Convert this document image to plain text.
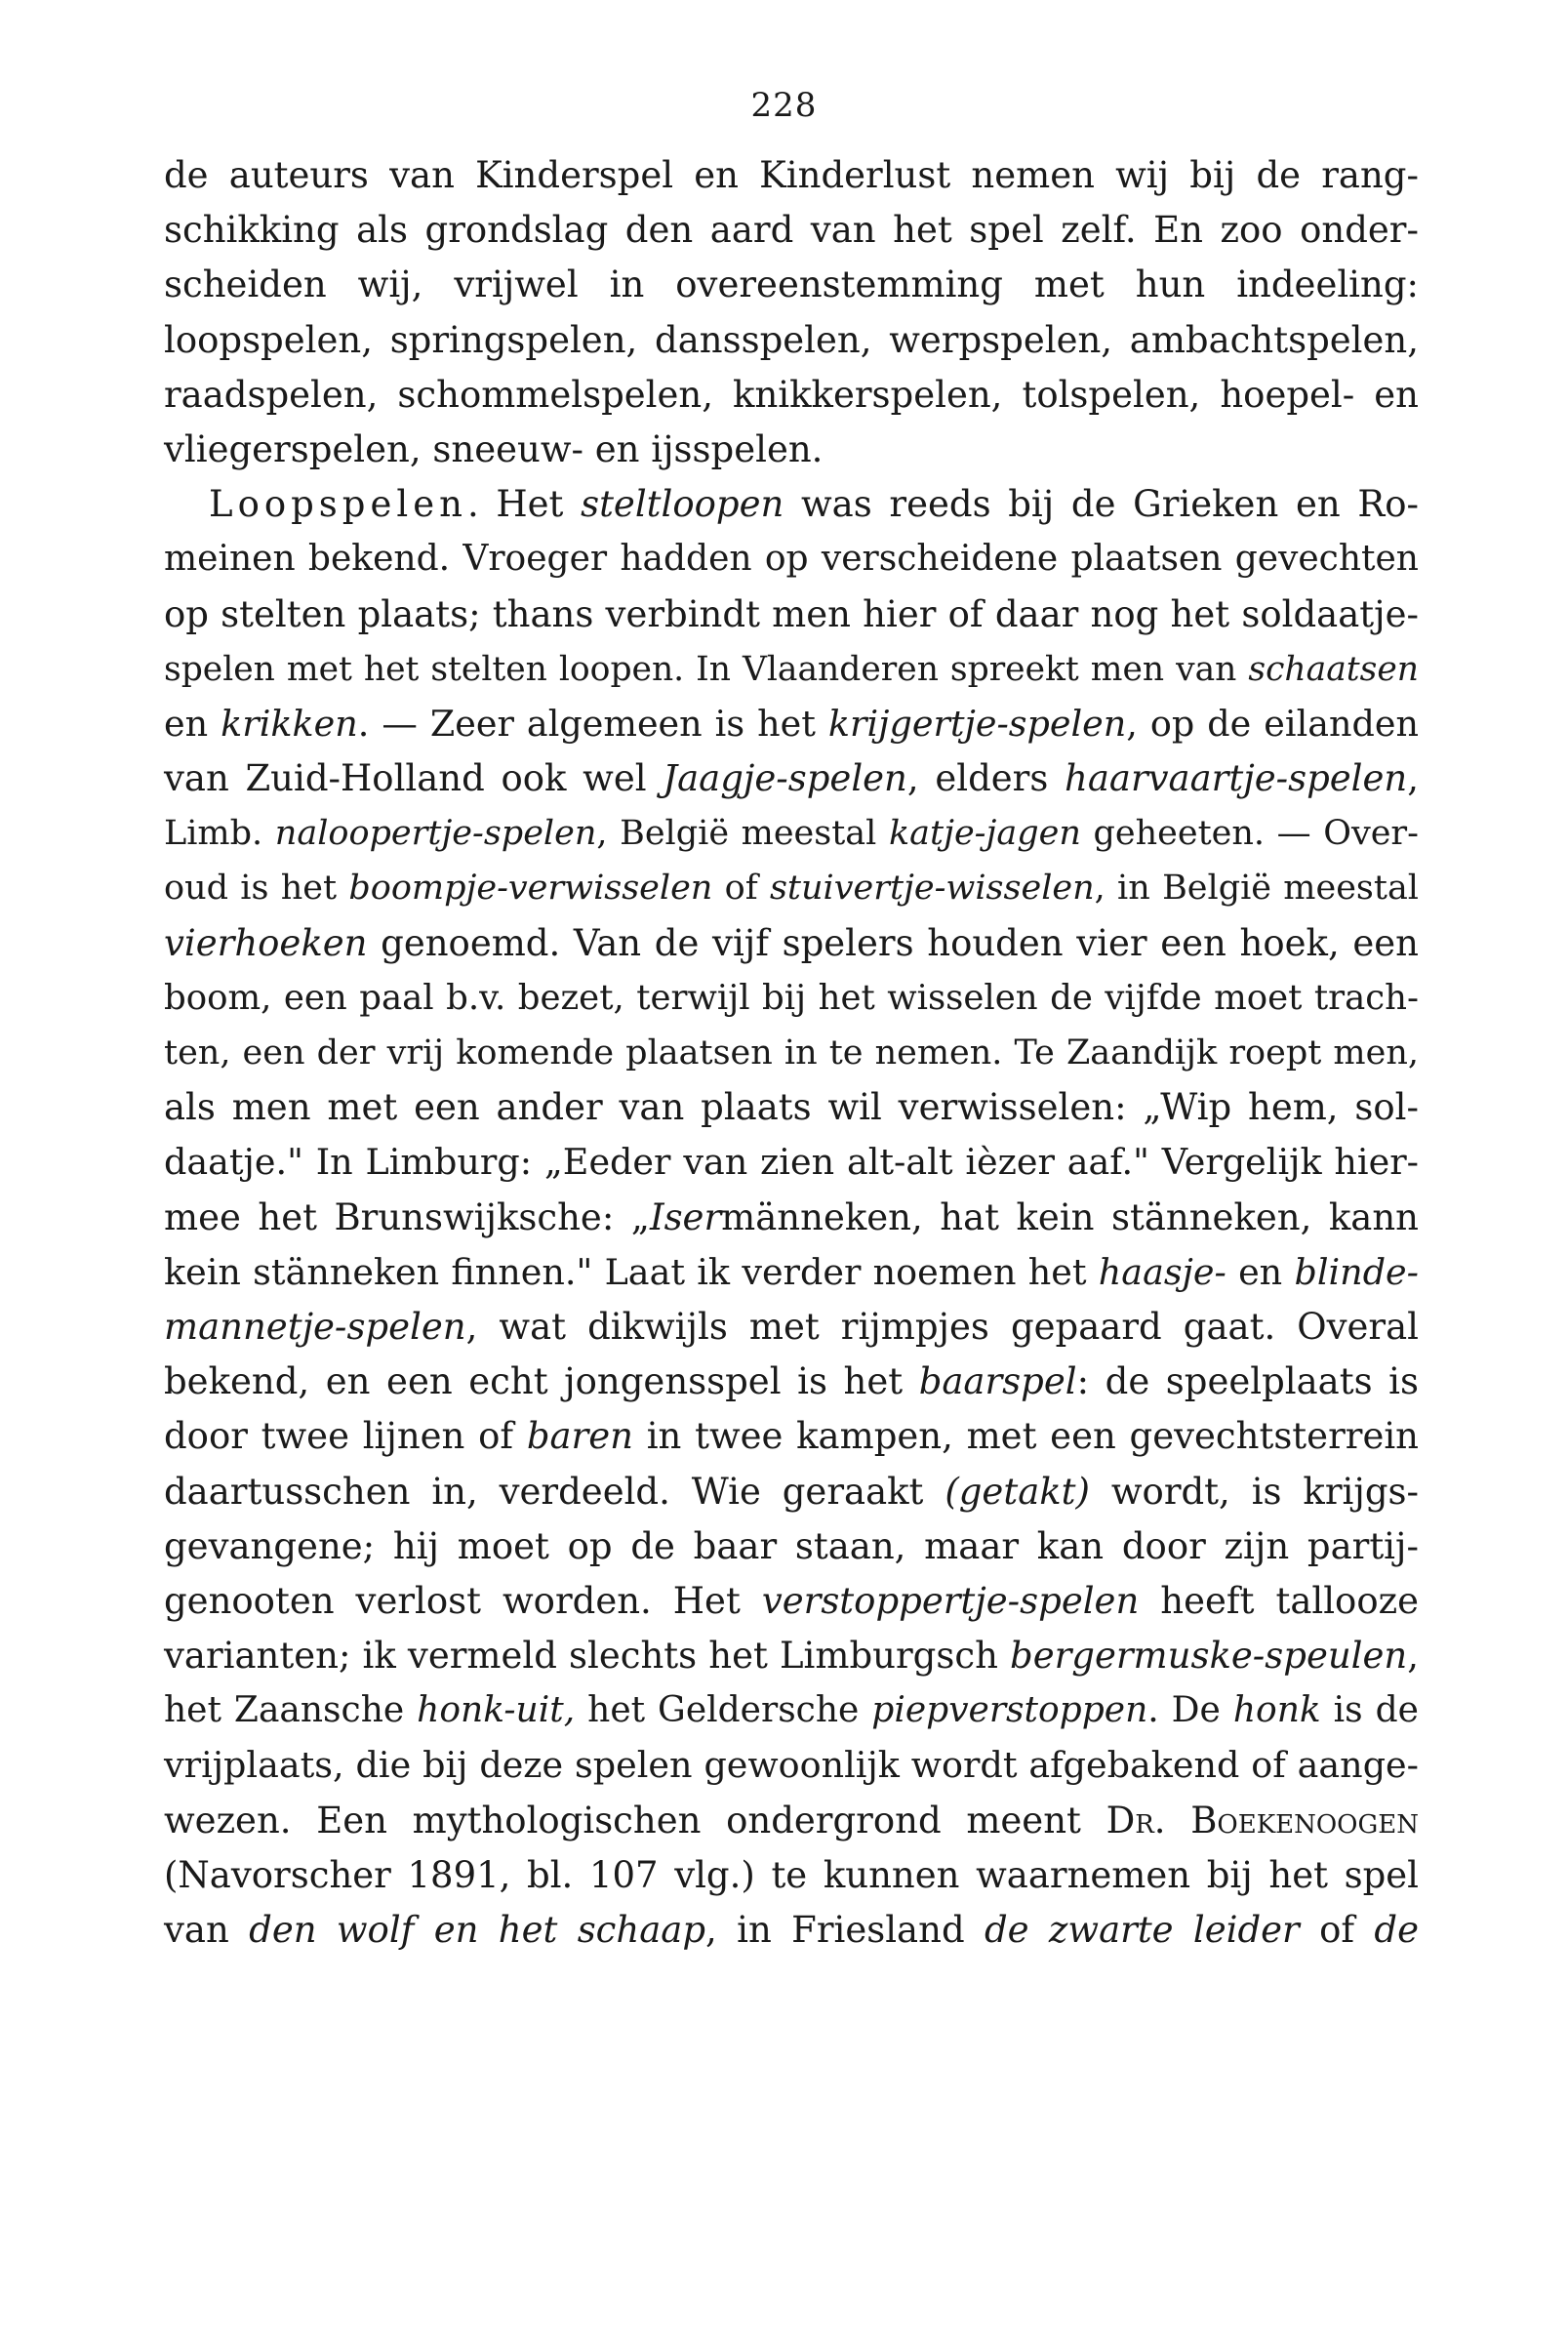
228
de auteurs van Kinderspel en Kinderlust nemen wij bij de rang-
schikking als grondslag den aard van het spel zelf. En zoo onder-
scheiden wij, vrijwel in overeenstemming met hun indeeling:
loopspelen, springspelen, dansspelen, werpspelen, ambachtspelen,
raadspelen, schommelspelen, knikkerspelen, tolspelen, hoepel- en
vliegerspelen, sneeuw- en ijsspelen.
Loopspelen. Het steltloopen was reeds bij de Grieken en Ro-
meinen bekend. Vroeger hadden op verscheidene plaatsen gevechten
op stelten plaats; thans verbindt men hier of daar nog het soldaatje-
spelen met het stelten loopen. In Vlaanderen spreekt men van schaatsen
en krikken. — Zeer algemeen is het krijgertje-spelen, op de eilanden
van Zuid-Holland ook wel Jaagje-spelen, elders haarvaartje-spelen,
Limb. naloopertje-spelen, België meestal katje-jagen geheeten. — Over-
oud is het boompje-verwisselen of stuivertje-wisselen, in België meestal
vierhoeken genoemd. Van de vijf spelers houden vier een hoek, een
boom, een paal b.v. bezet, terwijl bij het wisselen de vijfde moet trach-
ten, een der vrij komende plaatsen in te nemen. Te Zaandijk roept men,
als men met een ander van plaats wil verwisselen: „Wip hem, sol-
daatje." In Limburg: „Eeder van zien alt-alt ièzer aaf." Vergelijk hier-
mee het Brunswijksche: „Isermänneken, hat kein stänneken, kann
kein stänneken finnen." Laat ik verder noemen het haasje- en blinde-
mannetje-spelen, wat dikwijls met rijmpjes gepaard gaat. Overal
bekend, en een echt jongensspel is het baarspel: de speelplaats is
door twee lijnen of baren in twee kampen, met een gevechtsterrein
daartusschen in, verdeeld. Wie geraakt (getakt) wordt, is krijgs-
gevangene; hij moet op de baar staan, maar kan door zijn partij-
genooten verlost worden. Het verstoppertje-spelen heeft tallooze
varianten; ik vermeld slechts het Limburgsch bergermuske-speulen,
het Zaansche honk-uit, het Geldersche piepverstoppen. De honk is de
vrijplaats, die bij deze spelen gewoonlijk wordt afgebakend of aange-
wezen. Een mythologischen ondergrond meent Dr. Boekenoogen
(Navorscher 1891, bl. 107 vlg.) te kunnen waarnemen bij het spel
van den wolf en het schaap, in Friesland de zwarte leider of de
